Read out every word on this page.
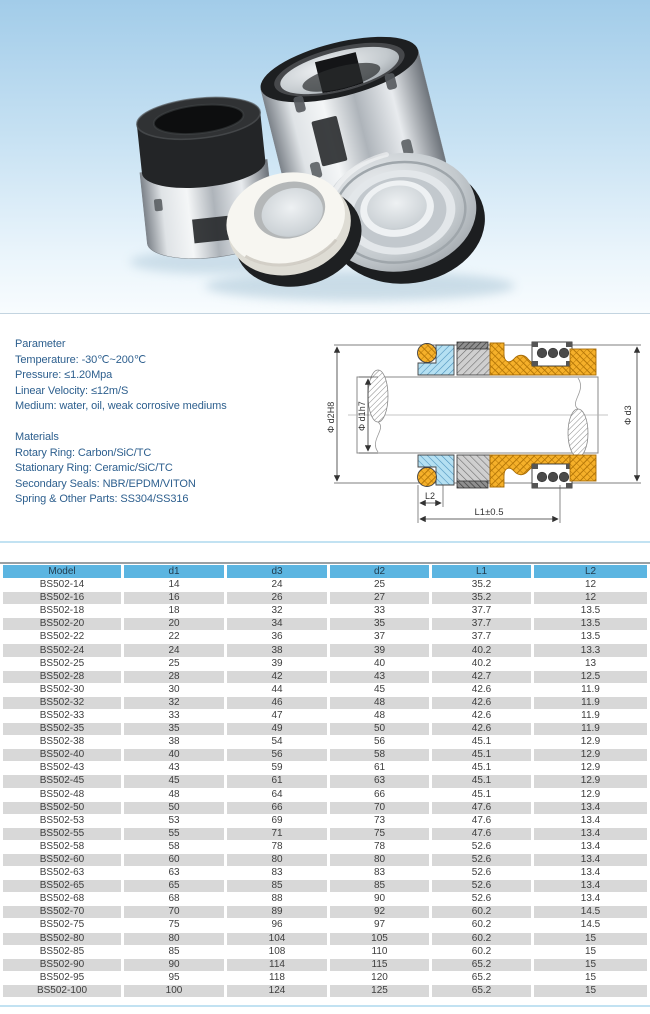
Parameter
Temperature: -30℃~200℃
Pressure: ≤1.20Mpa
Linear Velocity: ≤12m/S
Medium: water, oil, weak corrosive mediums
Materials
Rotary Ring: Carbon/SiC/TC
Stationary Ring: Ceramic/SiC/TC
Secondary Seals: NBR/EPDM/VITON
Spring & Other Parts: SS304/SS316
Φ d2H8 Φ d1h7	Φ d3
L2
L1±0.5
Model	d1	d3	d2	L1	L2
BS502-14	14	24	25	35.2	12
BS502-16	16	26	27	35.2	12
BS502-18	18	32	33	37.7	13.5
BS502-20	20	34	35	37.7	13.5
BS502-22	22	36	37	37.7	13.5
BS502-24	24	38	39	40.2	13.3
BS502-25	25	39	40	40.2	13
BS502-28	28	42	43	42.7	12.5
BS502-30	30	44	45	42.6	11.9
BS502-32	32	46	48	42.6	11.9
BS502-33	33	47	48	42.6	11.9
BS502-35	35	49	50	42.6	11.9
BS502-38	38	54	56	45.1	12.9
BS502-40	40	56	58	45.1	12.9
BS502-43	43	59	61	45.1	12.9
BS502-45	45	61	63	45.1	12.9
BS502-48	48	64	66	45.1	12.9
BS502-50	50	66	70	47.6	13.4
BS502-53	53	69	73	47.6	13.4
BS502-55	55	71	75	47.6	13.4
BS502-58	58	78	78	52.6	13.4
BS502-60	60	80	80	52.6	13.4
BS502-63	63	83	83	52.6	13.4
BS502-65	65	85	85	52.6	13.4
BS502-68	68	88	90	52.6	13.4
BS502-70	70	89	92	60.2	14.5
BS502-75	75	96	97	60.2	14.5
BS502-80	80	104	105	60.2	15
BS502-85	85	108	110	60.2	15
BS502-90	90	114	115	65.2	15
BS502-95	95	118	120	65.2	15
BS502-100	100	124	125	65.2	15
